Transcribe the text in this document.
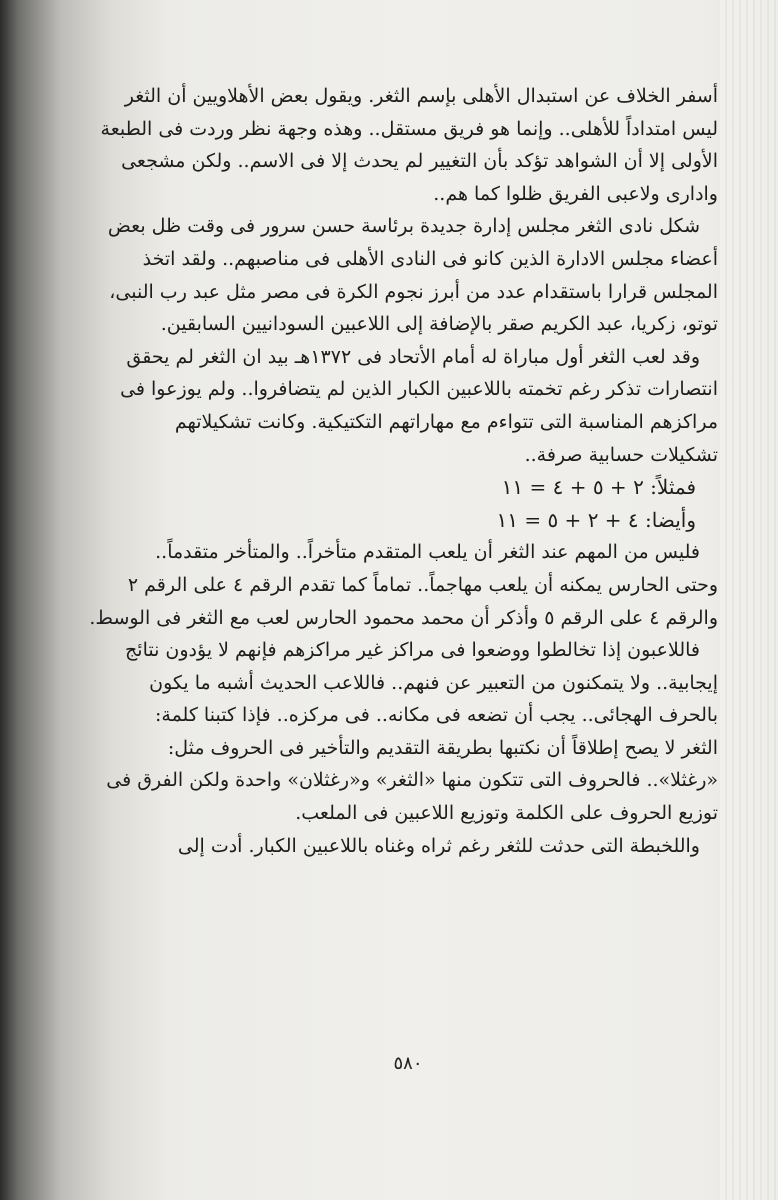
أسفر الخلاف عن استبدال الأهلى بإسم الثغر. ويقول بعض الأهلاويين أن الثغر
ليس امتداداً للأهلى.. وإنما هو فريق مستقل.. وهذه وجهة نظر وردت فى الطبعة
الأولى إلا أن الشواهد تؤكد بأن التغيير لم يحدث إلا فى الاسم.. ولكن مشجعى
وادارى ولاعبى الفريق ظلوا كما هم..
شكل نادى الثغر مجلس إدارة جديدة برئاسة حسن سرور فى وقت ظل بعض
أعضاء مجلس الادارة الذين كانو فى النادى الأهلى فى مناصبهم.. ولقد اتخذ
المجلس قرارا باستقدام عدد من أبرز نجوم الكرة فى مصر مثل عبد رب النبى،
توتو، زكريا، عبد الكريم صقر بالإضافة إلى اللاعبين السودانيين السابقين.
وقد لعب الثغر أول مباراة له أمام الأتحاد فى ١٣٧٢هـ بيد ان الثغر لم يحقق
انتصارات تذكر رغم تخمته باللاعبين الكبار الذين لم يتضافروا.. ولم يوزعوا فى
مراكزهم المناسبة التى تتواءم مع مهاراتهم التكتيكية. وكانت تشكيلاتهم
تشكيلات حسابية صرفة..
فمثلاً: ٢ + ٥ + ٤ = ١١
وأيضا: ٤ + ٢ + ٥ = ١١
فليس من المهم عند الثغر أن يلعب المتقدم متأخراً.. والمتأخر متقدماً..
وحتى الحارس يمكنه أن يلعب مهاجماً.. تماماً كما تقدم الرقم ٤ على الرقم ٢
والرقم ٤ على الرقم ٥ وأذكر أن محمد محمود الحارس لعب مع الثغر فى الوسط.
فاللاعبون إذا تخالطوا ووضعوا فى مراكز غير مراكزهم فإنهم لا يؤدون نتائج
إيجابية.. ولا يتمكنون من التعبير عن فنهم.. فاللاعب الحديث أشبه ما يكون
بالحرف الهجائى.. يجب أن تضعه فى مكانه.. فى مركزه.. فإذا كتبنا كلمة:
الثغر لا يصح إطلاقاً أن نكتبها بطريقة التقديم والتأخير فى الحروف مثل:
«رغثلا».. فالحروف التى تتكون منها «الثغر» و«رغثلان» واحدة ولكن الفرق فى
توزيع الحروف على الكلمة وتوزيع اللاعبين فى الملعب.
واللخبطة التى حدثت للثغر رغم ثراه وغناه باللاعبين الكبار. أدت إلى
٥٨٠
